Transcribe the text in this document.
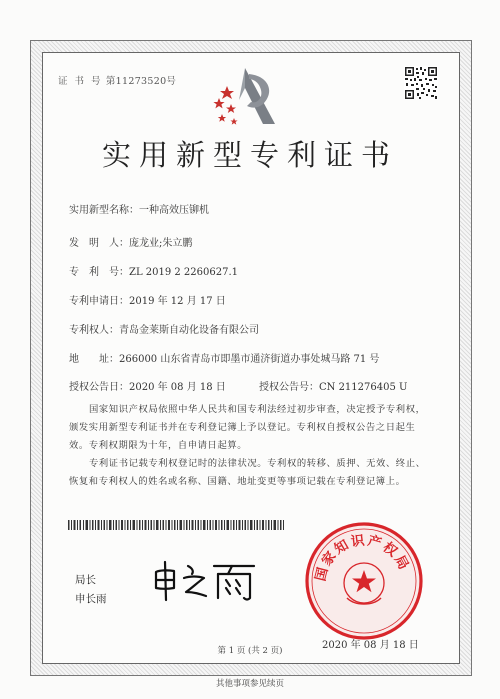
证 书 号 第11273520号
实用新型专利证书
实用新型名称：一种高效压铆机
发　明　人：庞龙业;朱立鹏
专　利　号：ZL 2019 2 2260627.1
专利申请日：2019 年 12 月 17 日
专利权人：青岛金莱斯自动化设备有限公司
地　　址：266000 山东省青岛市即墨市通济街道办事处城马路 71 号
授权公告日：2020 年 08 月 18 日	授权公告号：CN 211276405 U
国家知识产权局依照中华人民共和国专利法经过初步审查，决定授予专利权，颁发实用新型专利证书并在专利登记簿上予以登记。专利权自授权公告之日起生效。专利权期限为十年，自申请日起算。
专利证书记载专利权登记时的法律状况。专利权的转移、质押、无效、终止、恢复和专利权人的姓名或名称、国籍、地址变更等事项记载在专利登记簿上。
局长
申长雨
国家知识产权局
2020 年 08 月 18 日
第 1 页 (共 2 页)
其他事项参见续页
